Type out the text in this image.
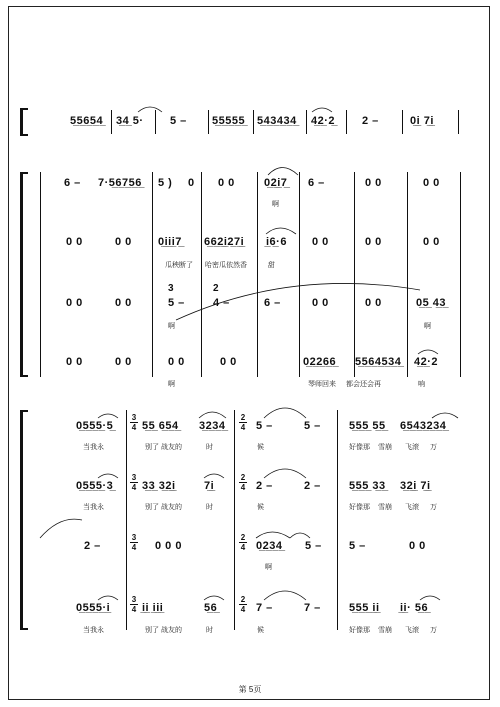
5̲5̲6̲5̲4̲ 3̲4̲ 5· 5 – 5̲5̲5̲5̲5̲ 5̲4̲3̲4̲3̲4̲ 4̲2̲·2̲ 2 –	0̲i̲ 7̲i̲
6 – 7·5̲6̲7̲5̲6̲ 5 ) 0 0 0	0̲2̲i̲7̲ 6 –	0 0	0 0
啊
0 0	0 0 0̲i̲i̲i̲7̲ 6̲6̲2̲i̲2̲7̲i̲ i̲6̲·6 0 0	0 0	0 0
瓜秧断了 哈密瓜依然香	甜
3	2
0 0	0 0	5 –	4 –	6 –	0 0	0 0	0̲5̲ 4̲3̲
啊	啊
0 0	0 0	0 0	0 0	0̲2̲2̲6̲6̲ 5̲5̲6̲4̲5̲3̲4̲ 4̲2̲·2
啊	琴师回来 都会还会再	响
3
4
3
4
3
4
3
4
2
4
2
4
2
4
2
4
0̲5̲5̲5̲·5̲	5̲5̲ 6̲5̲4̲ 3̲2̲3̲4̲	5 –	5 –	5̲5̲5̲ 5̲5̲ 6̲5̲4̲3̲2̲3̲4̲
当我永	别了 战友的	时	候	好像那 雪崩 飞滚 万
0̲5̲5̲5̲·3̲	3̲3̲ 3̲2̲i̲	7̲i̲	2 –	2 –	5̲5̲5̲ 3̲3̲ 3̲2̲i̲ 7̲i̲
当我永	别了 战友的	时	候	好像那 雪崩 飞滚 万
2 –	0 0 0	0̲2̲3̲4̲ 5 – 5 –	0 0
啊
0̲5̲5̲5̲·i̲	i̲i̲ i̲i̲i̲	5̲6̲	7 –	7 –	5̲5̲5̲ i̲i̲ i̲i̲· 5̲6̲
当我永	别了 战友的	时	候	好像那 雪崩 飞滚 万
第 5页
